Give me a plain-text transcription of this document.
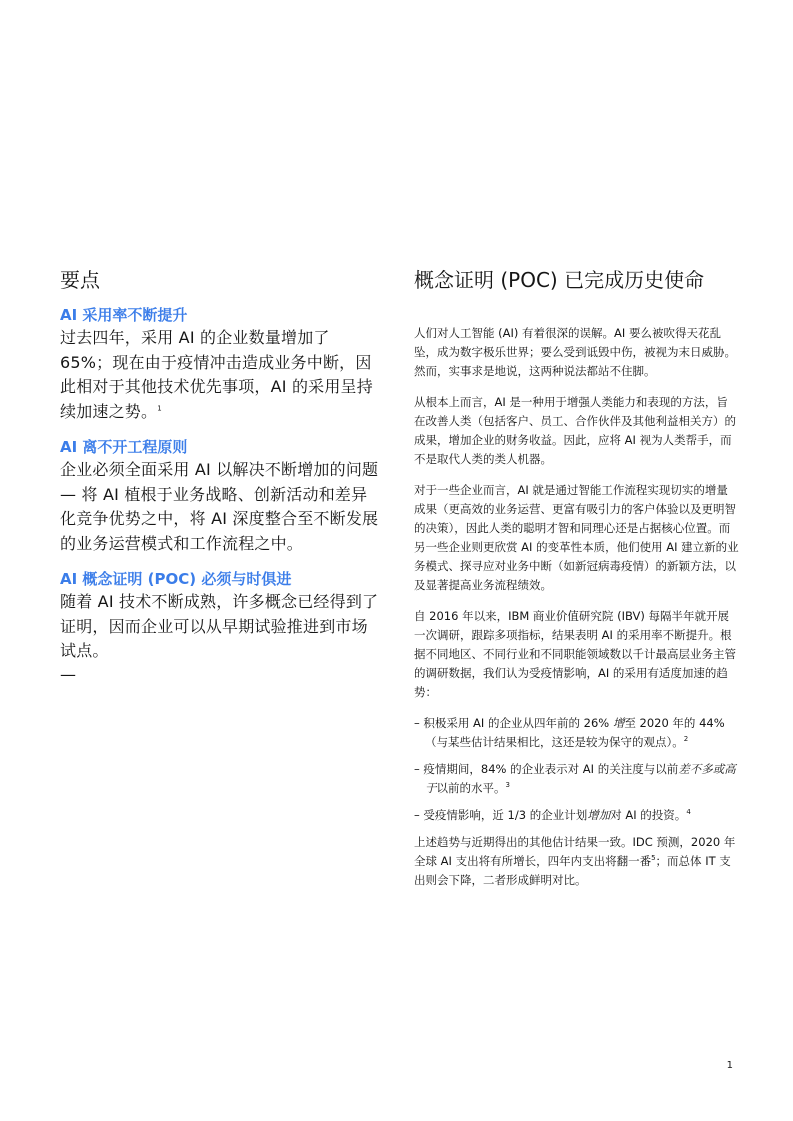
要点

AI 采用率不断提升

过去四年，采用 AI 的企业数量增加了 65%；现在由于疫情冲击造成业务中断，因此相对于其他技术优先事项，AI 的采用呈持续加速之势。$^1$

AI 离不开工程原则

企业必须全面采用 AI 以解决不断增加的问题 — 将 AI 植根于业务战略、创新活动和差异化竞争优势之中，将 AI 深度整合至不断发展的业务运营模式和工作流程之中。

AI 概念证明 (POC) 必须与时俱进

随着 AI 技术不断成熟，许多概念已经得到了证明，因而企业可以从早期试验推进到市场试点。

—

概念证明 (POC) 已完成历史使命

人们对人工智能 (AI) 有着很深的误解。AI 要么被吹得天花乱坠，成为数字极乐世界；要么受到诋毁中伤，被视为末日威胁。然而，实事求是地说，这两种说法都站不住脚。

从根本上而言，AI 是一种用于增强人类能力和表现的方法，旨在改善人类（包括客户、员工、合作伙伴及其他利益相关方）的成果，增加企业的财务收益。因此，应将 AI 视为人类帮手，而不是取代人类的类人机器。

对于一些企业而言，AI 就是通过智能工作流程实现切实的增量成果（更高效的业务运营、更富有吸引力的客户体验以及更明智的决策），因此人类的聪明才智和同理心还是占据核心位置。而另一些企业则更欣赏 AI 的变革性本质，他们使用 AI 建立新的业务模式、探寻应对业务中断（如新冠病毒疫情）的新颖方法，以及显著提高业务流程绩效。

自 2016 年以来，IBM 商业价值研究院 (IBV) 每隔半年就开展一次调研，跟踪多项指标，结果表明 AI 的采用率不断提升。根据不同地区、不同行业和不同职能领域数以千计最高层业务主管的调研数据，我们认为受疫情影响，AI 的采用有适度加速的趋势：

– 积极采用 AI 的企业从四年前的 26% 增至 2020 年的 44%（与某些估计结果相比，这还是较为保守的观点）。$^2$

– 疫情期间，84% 的企业表示对 AI 的关注度与以前差不多或高于以前的水平。$^3$

– 受疫情影响，近 1/3 的企业计划增加对 AI 的投资。$^4$

上述趋势与近期得出的其他估计结果一致。IDC 预测，2020 年全球 AI 支出将有所增长，四年内支出将翻一番$^5$；而总体 IT 支出则会下降，二者形成鲜明对比。

1
